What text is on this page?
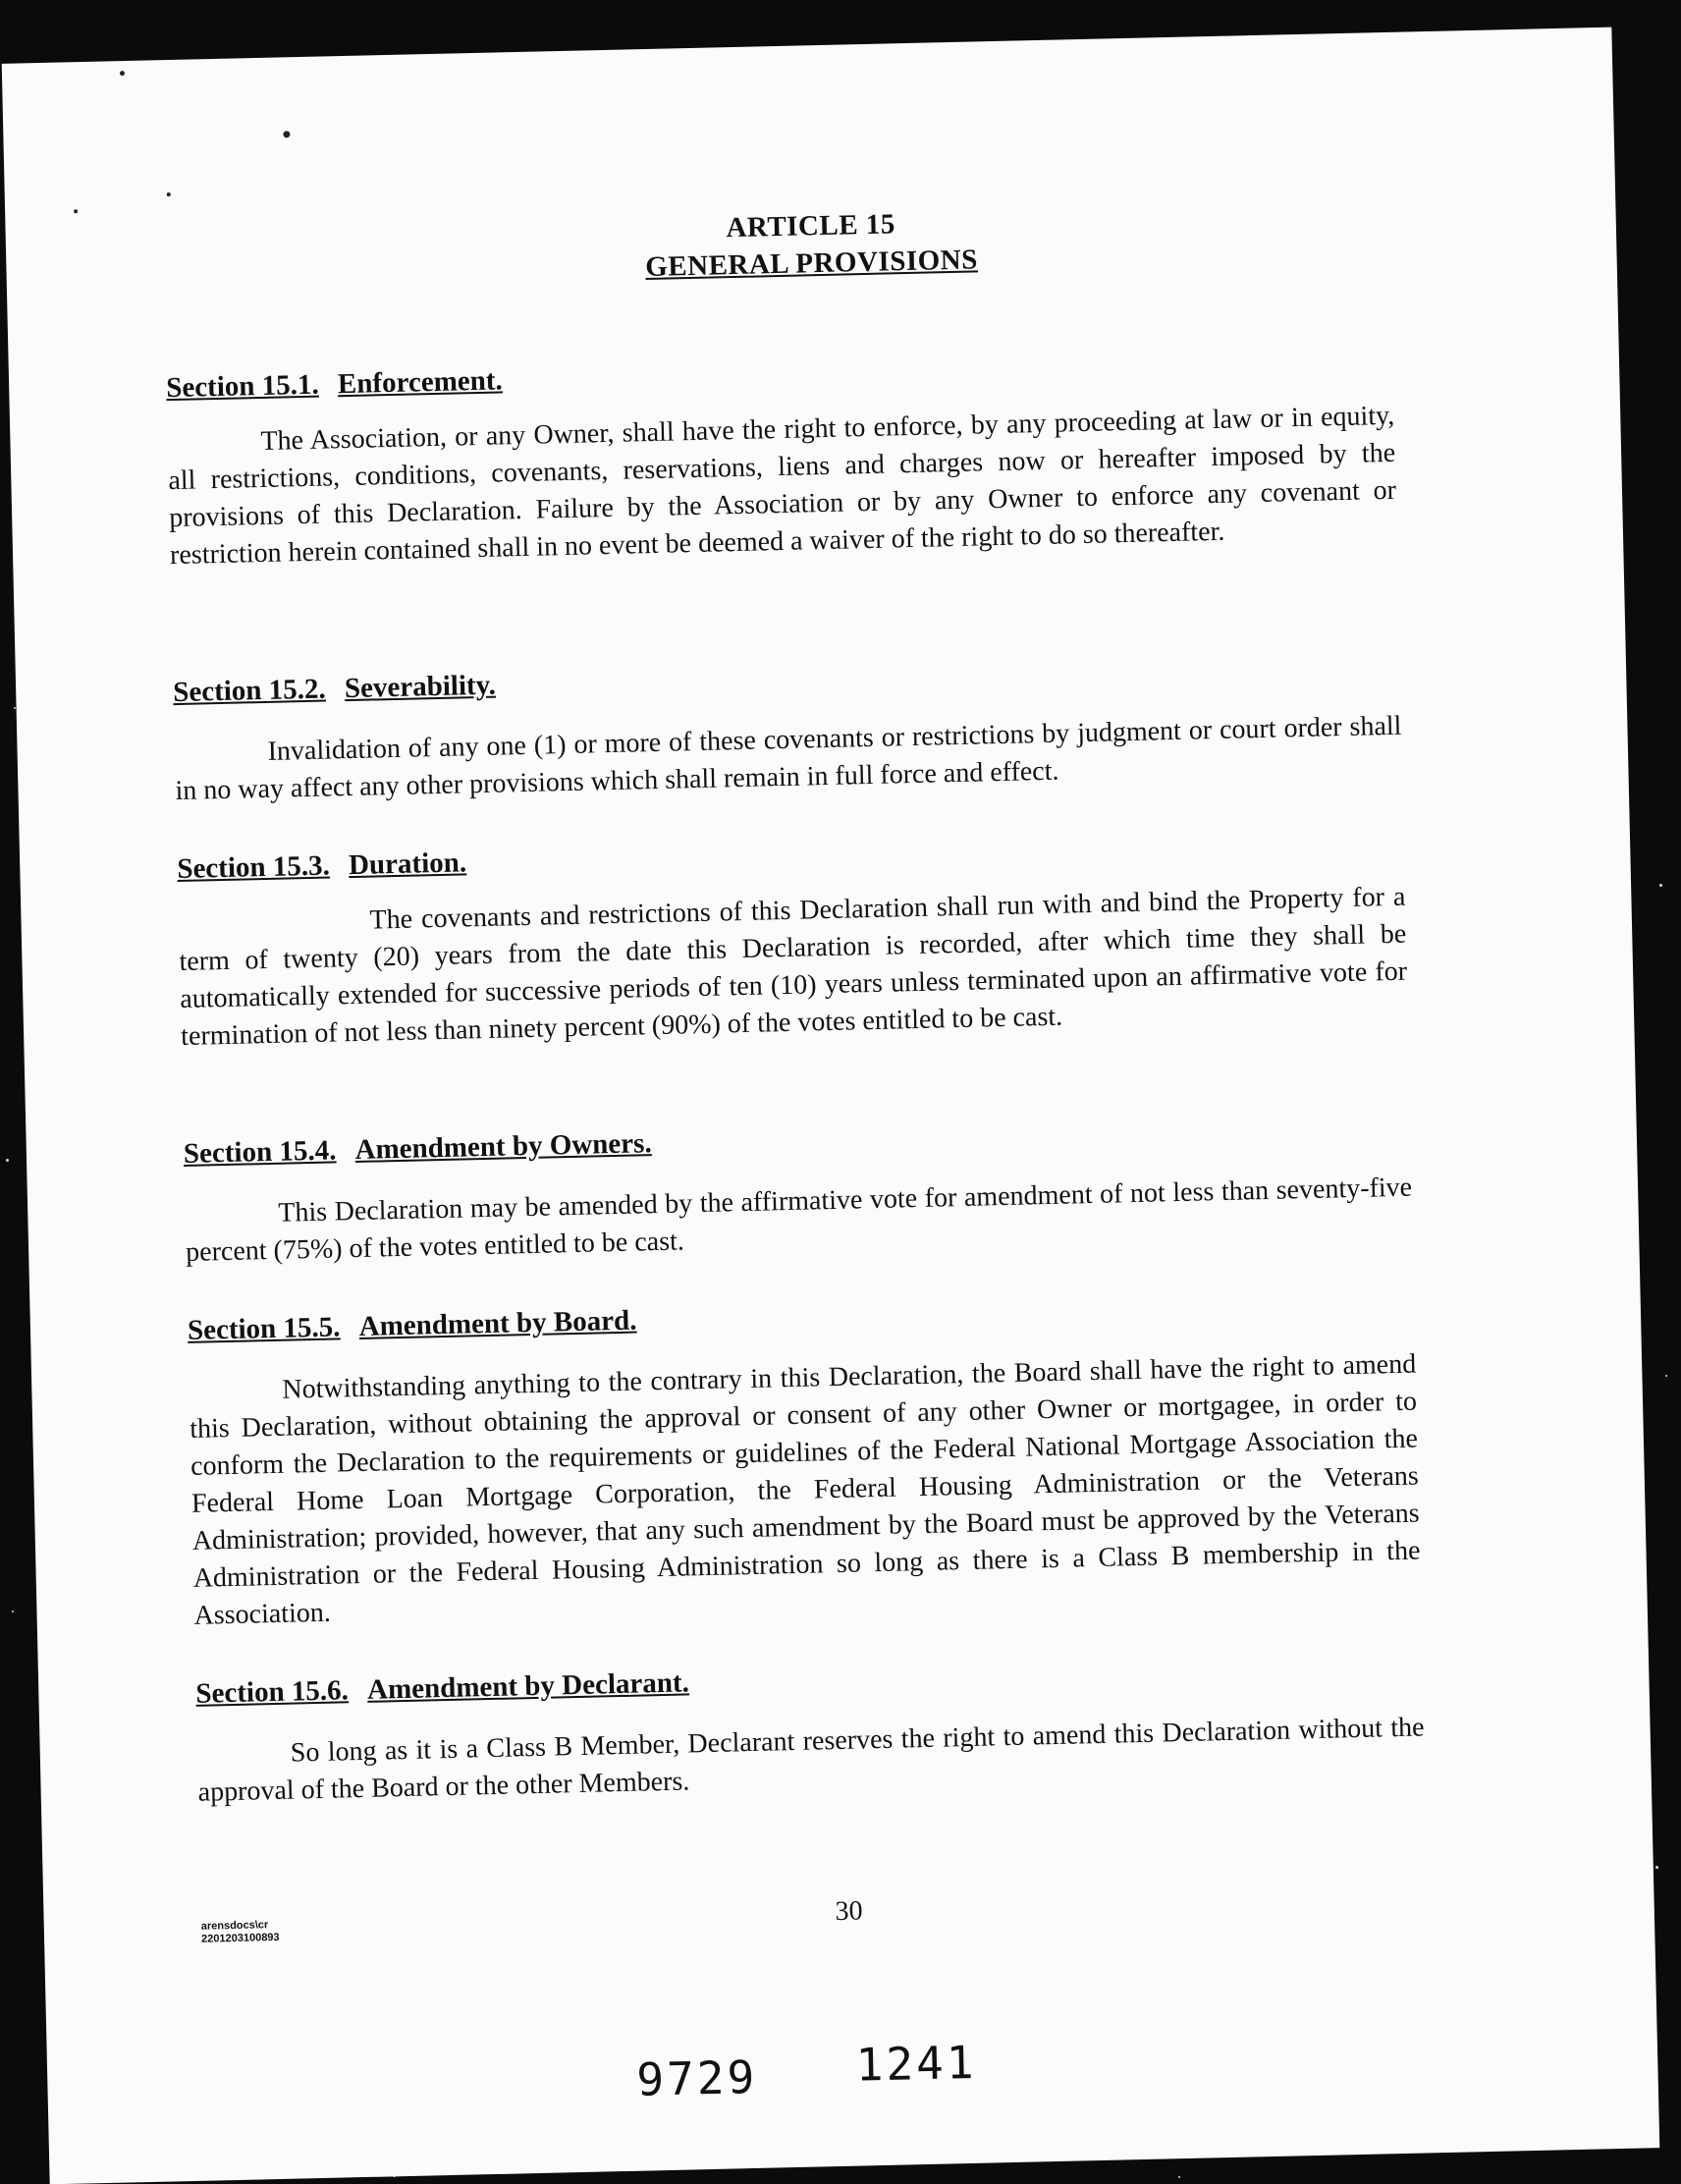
ARTICLE 15
GENERAL PROVISIONS
Section 15.1. Enforcement.

The Association, or any Owner, shall have the right to enforce, by any proceeding at law or in equity, all restrictions, conditions, covenants, reservations, liens and charges now or hereafter imposed by the provisions of this Declaration. Failure by the Association or by any Owner to enforce any covenant or restriction herein contained shall in no event be deemed a waiver of the right to do so thereafter.

Section 15.2. Severability.

Invalidation of any one (1) or more of these covenants or restrictions by judgment or court order shall in no way affect any other provisions which shall remain in full force and effect.

Section 15.3. Duration.

The covenants and restrictions of this Declaration shall run with and bind the Property for a term of twenty (20) years from the date this Declaration is recorded, after which time they shall be automatically extended for successive periods of ten (10) years unless terminated upon an affirmative vote for termination of not less than ninety percent (90%) of the votes entitled to be cast.

Section 15.4. Amendment by Owners.

This Declaration may be amended by the affirmative vote for amendment of not less than seventy-five percent (75%) of the votes entitled to be cast.

Section 15.5. Amendment by Board.

Notwithstanding anything to the contrary in this Declaration, the Board shall have the right to amend this Declaration, without obtaining the approval or consent of any other Owner or mortgagee, in order to conform the Declaration to the requirements or guidelines of the Federal National Mortgage Association the Federal Home Loan Mortgage Corporation, the Federal Housing Administration or the Veterans Administration; provided, however, that any such amendment by the Board must be approved by the Veterans Administration or the Federal Housing Administration so long as there is a Class B membership in the Association.

Section 15.6. Amendment by Declarant.

So long as it is a Class B Member, Declarant reserves the right to amend this Declaration without the approval of the Board or the other Members.

arensdocs\cr
2201203100893
30
9729 1241
